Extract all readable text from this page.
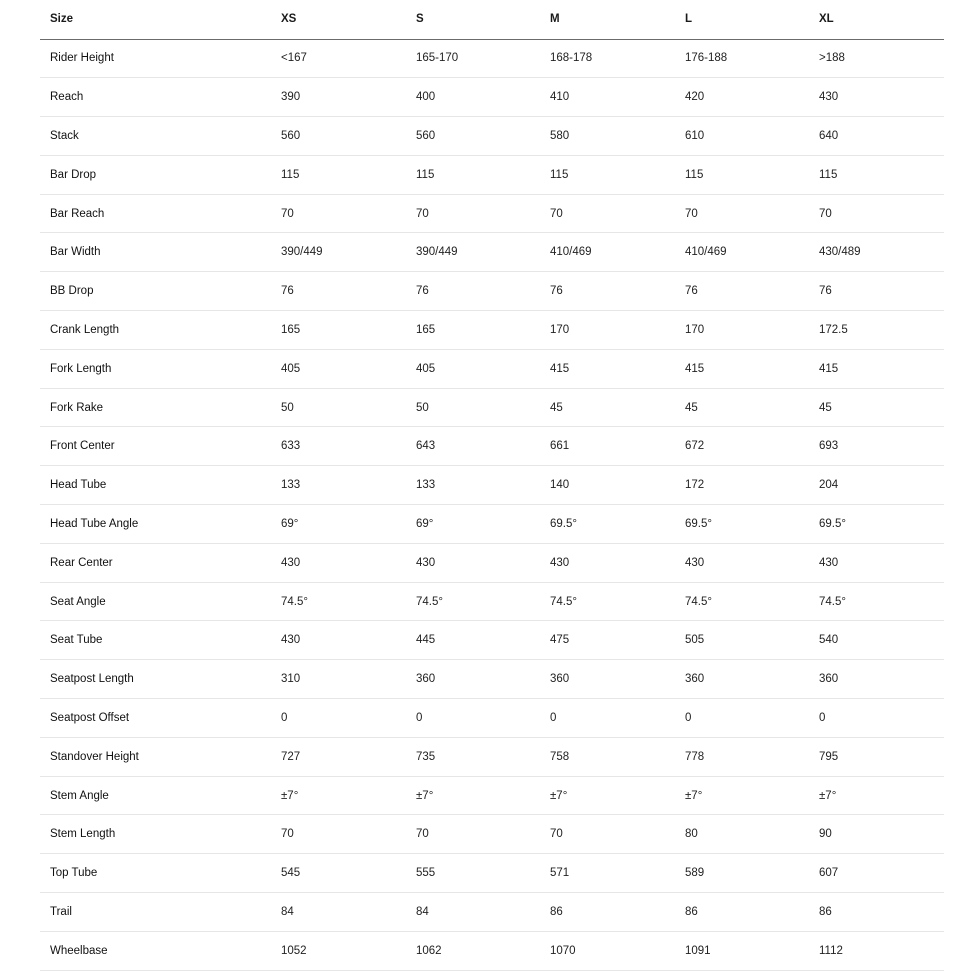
Size	XS	S	M	L	XL
Rider Height	<167	165-170	168-178	176-188	>188
Reach	390	400	410	420	430
Stack	560	560	580	610	640
Bar Drop	115	115	115	115	115
Bar Reach	70	70	70	70	70
Bar Width	390/449	390/449	410/469	410/469	430/489
BB Drop	76	76	76	76	76
Crank Length	165	165	170	170	172.5
Fork Length	405	405	415	415	415
Fork Rake	50	50	45	45	45
Front Center	633	643	661	672	693
Head Tube	133	133	140	172	204
Head Tube Angle	69°	69°	69.5°	69.5°	69.5°
Rear Center	430	430	430	430	430
Seat Angle	74.5°	74.5°	74.5°	74.5°	74.5°
Seat Tube	430	445	475	505	540
Seatpost Length	310	360	360	360	360
Seatpost Offset	0	0	0	0	0
Standover Height	727	735	758	778	795
Stem Angle	±7°	±7°	±7°	±7°	±7°
Stem Length	70	70	70	80	90
Top Tube	545	555	571	589	607
Trail	84	84	86	86	86
Wheelbase	1052	1062	1070	1091	1112
